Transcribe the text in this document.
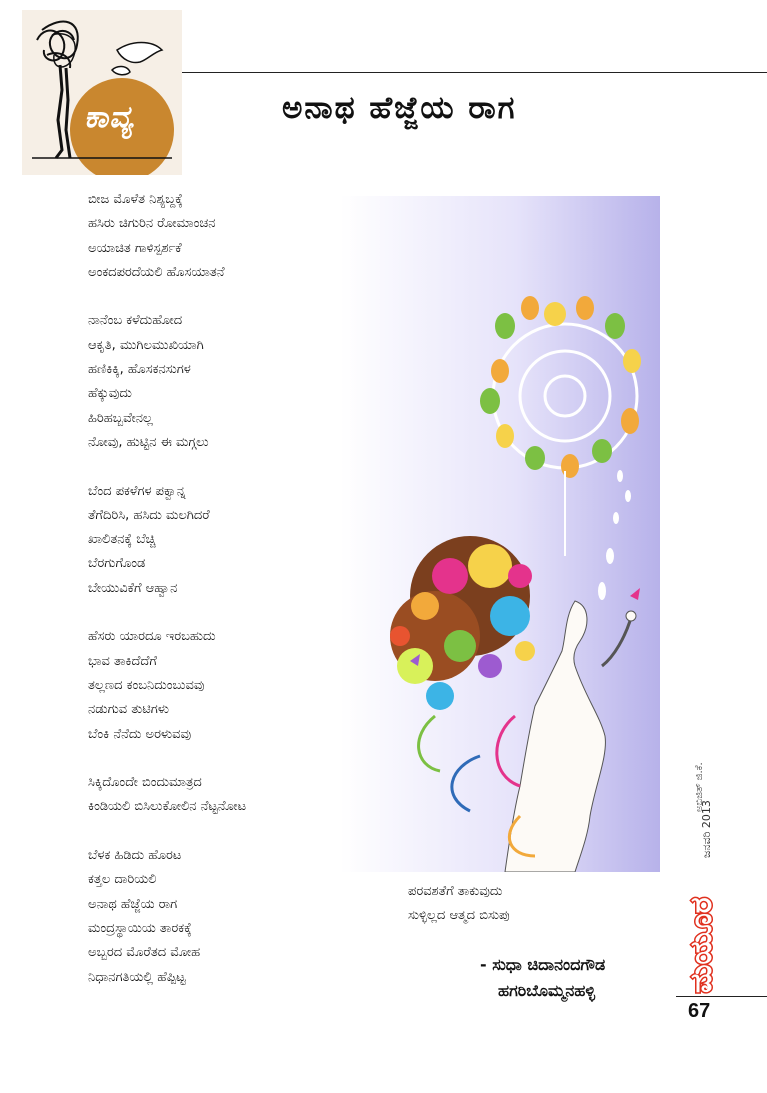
ಕಾವ್ಯ	ಅನಾಥ ಹೆಜ್ಜೆಯ ರಾಗ
ಬೀಜ ಮೊಳೆತ ನಿಶ್ಯಬ್ದಕ್ಕೆ
ಹಸಿರು ಚಿಗುರಿನ ರೋಮಾಂಚನ
ಅಯಾಚಿತ ಗಾಳಿಸ್ಪರ್ಶಕೆ
ಅಂಕದಪರದೆಯಲಿ ಹೊಸಯಾತನೆ
ನಾನೆಂಬ ಕಳೆದುಹೋದ
ಆಕೃತಿ, ಮುಗಿಲಮುಖಿಯಾಗಿ
ಹಣಿಕಿಕ್ಕಿ, ಹೊಸಕನಸುಗಳ
ಹೆಕ್ಕುವುದು
ಹಿರಿಹಬ್ಬವೇನಲ್ಲ
ನೋವು, ಹುಟ್ಟಿನ ಈ ಮಗ್ಗಲು
ಬೆಂದ ಪಕಳೆಗಳ ಪಕ್ವಾನ್ನ
ತೆಗೆದಿರಿಸಿ, ಹಸಿದು ಮಲಗಿದರೆ
ಖಾಲಿತನಕ್ಕೆ ಬೆಚ್ಚಿ
ಬೆರಗುಗೊಂಡ
ಬೇಯುವಿಕೆಗೆ ಆಹ್ವಾನ
ಹೆಸರು ಯಾರದೂ ಇರಬಹುದು
ಭಾವ ತಾಕಿದೆದೆಗೆ
ತಲ್ಲಣದ ಕಂಬನಿದುಂಬುವವು
ನಡುಗುವ ತುಟಿಗಳು
ಬೆಂಕಿ ನೆನೆದು ಅರಳುವವು
ಸಿಕ್ಕಿದೊಂದೇ ಬಿಂದುಮಾತ್ರದ
ಕಿಂಡಿಯಲಿ ಬಿಸಿಲುಕೋಲಿನ ನೆಟ್ಟನೋಟ
ಬೆಳಕ ಹಿಡಿದು ಹೊರಟ
ಕತ್ತಲ ದಾರಿಯಲಿ
ಅನಾಥ ಹೆಜ್ಜೆಯ ರಾಗ
ಮಂದ್ರಸ್ಥಾಯಿಯ ತಾರಕಕ್ಕೆ
ಅಬ್ಬರದ ಮೊರೆತದ ಮೋಹ
ನಿಧಾನಗತಿಯಲ್ಲಿ ಹೆಪ್ಪಿಟ್ಟ
ಅಭಿಜಿತ್ ಜಿ.ಕೆ.
ಜನವರಿ 2013
ಮಯೂರ
ಪರವಶತೆಗೆ ತಾಕುವುದು
ಸುಳ್ಳಿಲ್ಲದ ಆತ್ಮದ ಬಿಸುಪು
- ಸುಧಾ ಚಿದಾನಂದಗೌಡ
ಹಗರಿಬೊಮ್ಮನಹಳ್ಳಿ
67
